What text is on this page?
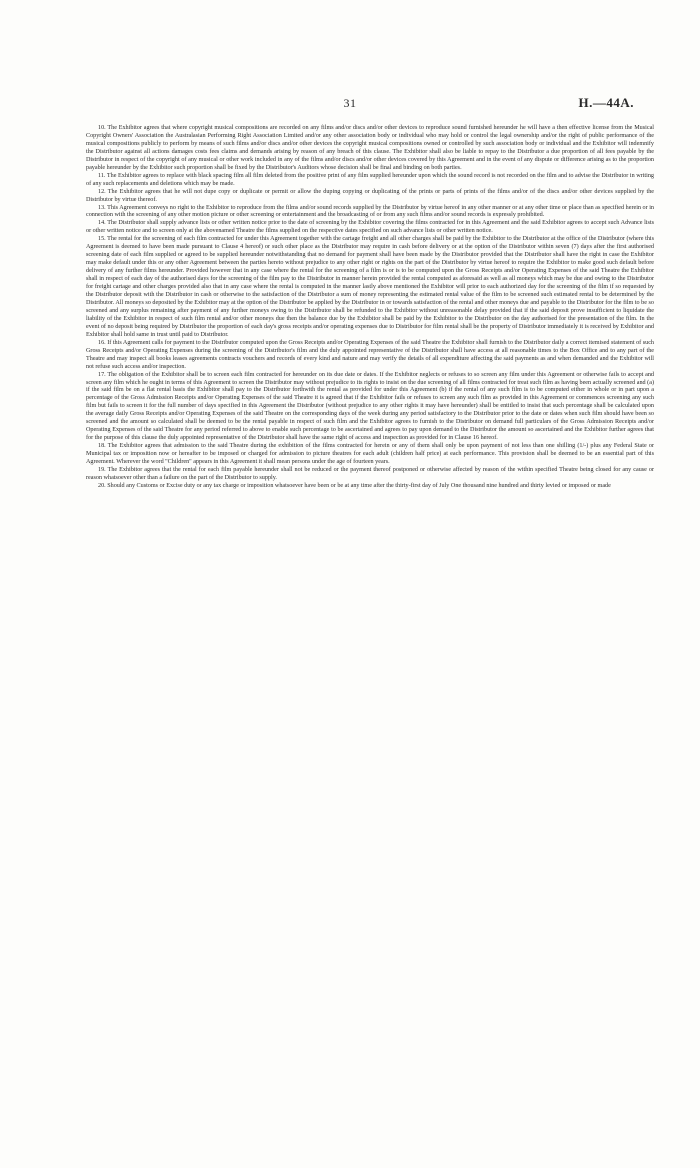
31	H.—44A.

10. The Exhibitor agrees that where copyright musical compositions are recorded on any films and/or discs and/or other devices to reproduce sound furnished hereunder he will have a then effective license from the Musical Copyright Owners' Association the Australasian Performing Right Association Limited and/or any other association body or individual who may hold or control the legal ownership and/or the right of public performance of the musical compositions publicly to perform by means of such films and/or discs and/or other devices the copyright musical compositions owned or controlled by such association body or individual and the Exhibitor will indemnify the Distributor against all actions damages costs fees claims and demands arising by reason of any breach of this clause. The Exhibitor shall also be liable to repay to the Distributor a due proportion of all fees payable by the Distributor in respect of the copyright of any musical or other work included in any of the films and/or discs and/or other devices covered by this Agreement and in the event of any dispute or difference arising as to the proportion payable hereunder by the Exhibitor such proportion shall be fixed by the Distributor's Auditors whose decision shall be final and binding on both parties.

11. The Exhibitor agrees to replace with black spacing film all film deleted from the positive print of any film supplied hereunder upon which the sound record is not recorded on the film and to advise the Distributor in writing of any such replacements and deletions which may be made.

12. The Exhibitor agrees that he will not dupe copy or duplicate or permit or allow the duping copying or duplicating of the prints or parts of prints of the films and/or of the discs and/or other devices supplied by the Distributor by virtue thereof.

13. This Agreement conveys no right to the Exhibitor to reproduce from the films and/or sound records supplied by the Distributor by virtue hereof in any other manner or at any other time or place than as specified herein or in connection with the screening of any other motion picture or other screening or entertainment and the broadcasting of or from any such films and/or sound records is expressly prohibited.

14. The Distributor shall supply advance lists or other written notice prior to the date of screening by the Exhibitor covering the films contracted for in this Agreement and the said Exhibitor agrees to accept such Advance lists or other written notice and to screen only at the abovenamed Theatre the films supplied on the respective dates specified on such advance lists or other written notice.

15. The rental for the screening of each film contracted for under this Agreement together with the cartage freight and all other charges shall be paid by the Exhibitor to the Distributor at the office of the Distributor (where this Agreement is deemed to have been made pursuant to Clause 4 hereof) or such other place as the Distributor may require in cash before delivery or at the option of the Distributor within seven (7) days after the first authorised screening date of each film supplied or agreed to be supplied hereunder notwithstanding that no demand for payment shall have been made by the Distributor provided that the Distributor shall have the right in case the Exhibitor may make default under this or any other Agreement between the parties hereto without prejudice to any other right or rights on the part of the Distributor by virtue hereof to require the Exhibitor to make good such default before delivery of any further films hereunder. Provided however that in any case where the rental for the screening of a film is or is to be computed upon the Gross Receipts and/or Operating Expenses of the said Theatre the Exhibitor shall in respect of each day of the authorised days for the screening of the film pay to the Distributor in manner herein provided the rental computed as aforesaid as well as all moneys which may be due and owing to the Distributor for freight cartage and other charges provided also that in any case where the rental is computed in the manner lastly above mentioned the Exhibitor will prior to each authorized day for the screening of the film if so requested by the Distributor deposit with the Distributor in cash or otherwise to the satisfaction of the Distributor a sum of money representing the estimated rental value of the film to be screened such estimated rental to be determined by the Distributor. All moneys so deposited by the Exhibitor may at the option of the Distributor be applied by the Distributor in or towards satisfaction of the rental and other moneys due and payable to the Distributor for the film to be so screened and any surplus remaining after payment of any further moneys owing to the Distributor shall be refunded to the Exhibitor without unreasonable delay provided that if the said deposit prove insufficient to liquidate the liability of the Exhibitor in respect of such film rental and/or other moneys due then the balance due by the Exhibitor shall be paid by the Exhibitor to the Distributor on the day authorised for the presentation of the film. In the event of no deposit being required by Distributor the proportion of each day's gross receipts and/or operating expenses due to Distributor for film rental shall be the property of Distributor immediately it is received by Exhibitor and Exhibitor shall hold same in trust until paid to Distributor.

16. If this Agreement calls for payment to the Distributor computed upon the Gross Receipts and/or Operating Expenses of the said Theatre the Exhibitor shall furnish to the Distributor daily a correct itemised statement of such Gross Receipts and/or Operating Expenses during the screening of the Distributor's film and the duly appointed representative of the Distributor shall have access at all reasonable times to the Box Office and to any part of the Theatre and may inspect all books leases agreements contracts vouchers and records of every kind and nature and may verify the details of all expenditure affecting the said payments as and when demanded and the Exhibitor will not refuse such access and/or inspection.

17. The obligation of the Exhibitor shall be to screen each film contracted for hereunder on its due date or dates. If the Exhibitor neglects or refuses to so screen any film under this Agreement or otherwise fails to accept and screen any film which he ought in terms of this Agreement to screen the Distributor may without prejudice to its rights to insist on the due screening of all films contracted for treat such film as having been actually screened and (a) if the said film be on a flat rental basis the Exhibitor shall pay to the Distributor forthwith the rental as provided for under this Agreement (b) if the rental of any such film is to be computed either in whole or in part upon a percentage of the Gross Admission Receipts and/or Operating Expenses of the said Theatre it is agreed that if the Exhibitor fails or refuses to screen any such film as provided in this Agreement or commences screening any such film but fails to screen it for the full number of days specified in this Agreement the Distributor (without prejudice to any other rights it may have hereunder) shall be entitled to insist that such percentage shall be calculated upon the average daily Gross Receipts and/or Operating Expenses of the said Theatre on the corresponding days of the week during any period satisfactory to the Distributor prior to the date or dates when such film should have been so screened and the amount so calculated shall be deemed to be the rental payable in respect of such film and the Exhibitor agrees to furnish to the Distributor on demand full particulars of the Gross Admission Receipts and/or Operating Expenses of the said Theatre for any period referred to above to enable such percentage to be ascertained and agrees to pay upon demand to the Distributor the amount so ascertained and the Exhibitor further agrees that for the purpose of this clause the duly appointed representative of the Distributor shall have the same right of access and inspection as provided for in Clause 16 hereof.

18. The Exhibitor agrees that admission to the said Theatre during the exhibition of the films contracted for herein or any of them shall only be upon payment of not less than one shilling (1/-) plus any Federal State or Municipal tax or imposition now or hereafter to be imposed or charged for admission to picture theatres for each adult (children half price) at each performance. This provision shall be deemed to be an essential part of this Agreement. Wherever the word "Children" appears in this Agreement it shall mean persons under the age of fourteen years.

19. The Exhibitor agrees that the rental for each film payable hereunder shall not be reduced or the payment thereof postponed or otherwise affected by reason of the within specified Theatre being closed for any cause or reason whatsoever other than a failure on the part of the Distributor to supply.

20. Should any Customs or Excise duty or any tax charge or imposition whatsoever have been or be at any time after the thirty-first day of July One thousand nine hundred and thirty levied or imposed or made
